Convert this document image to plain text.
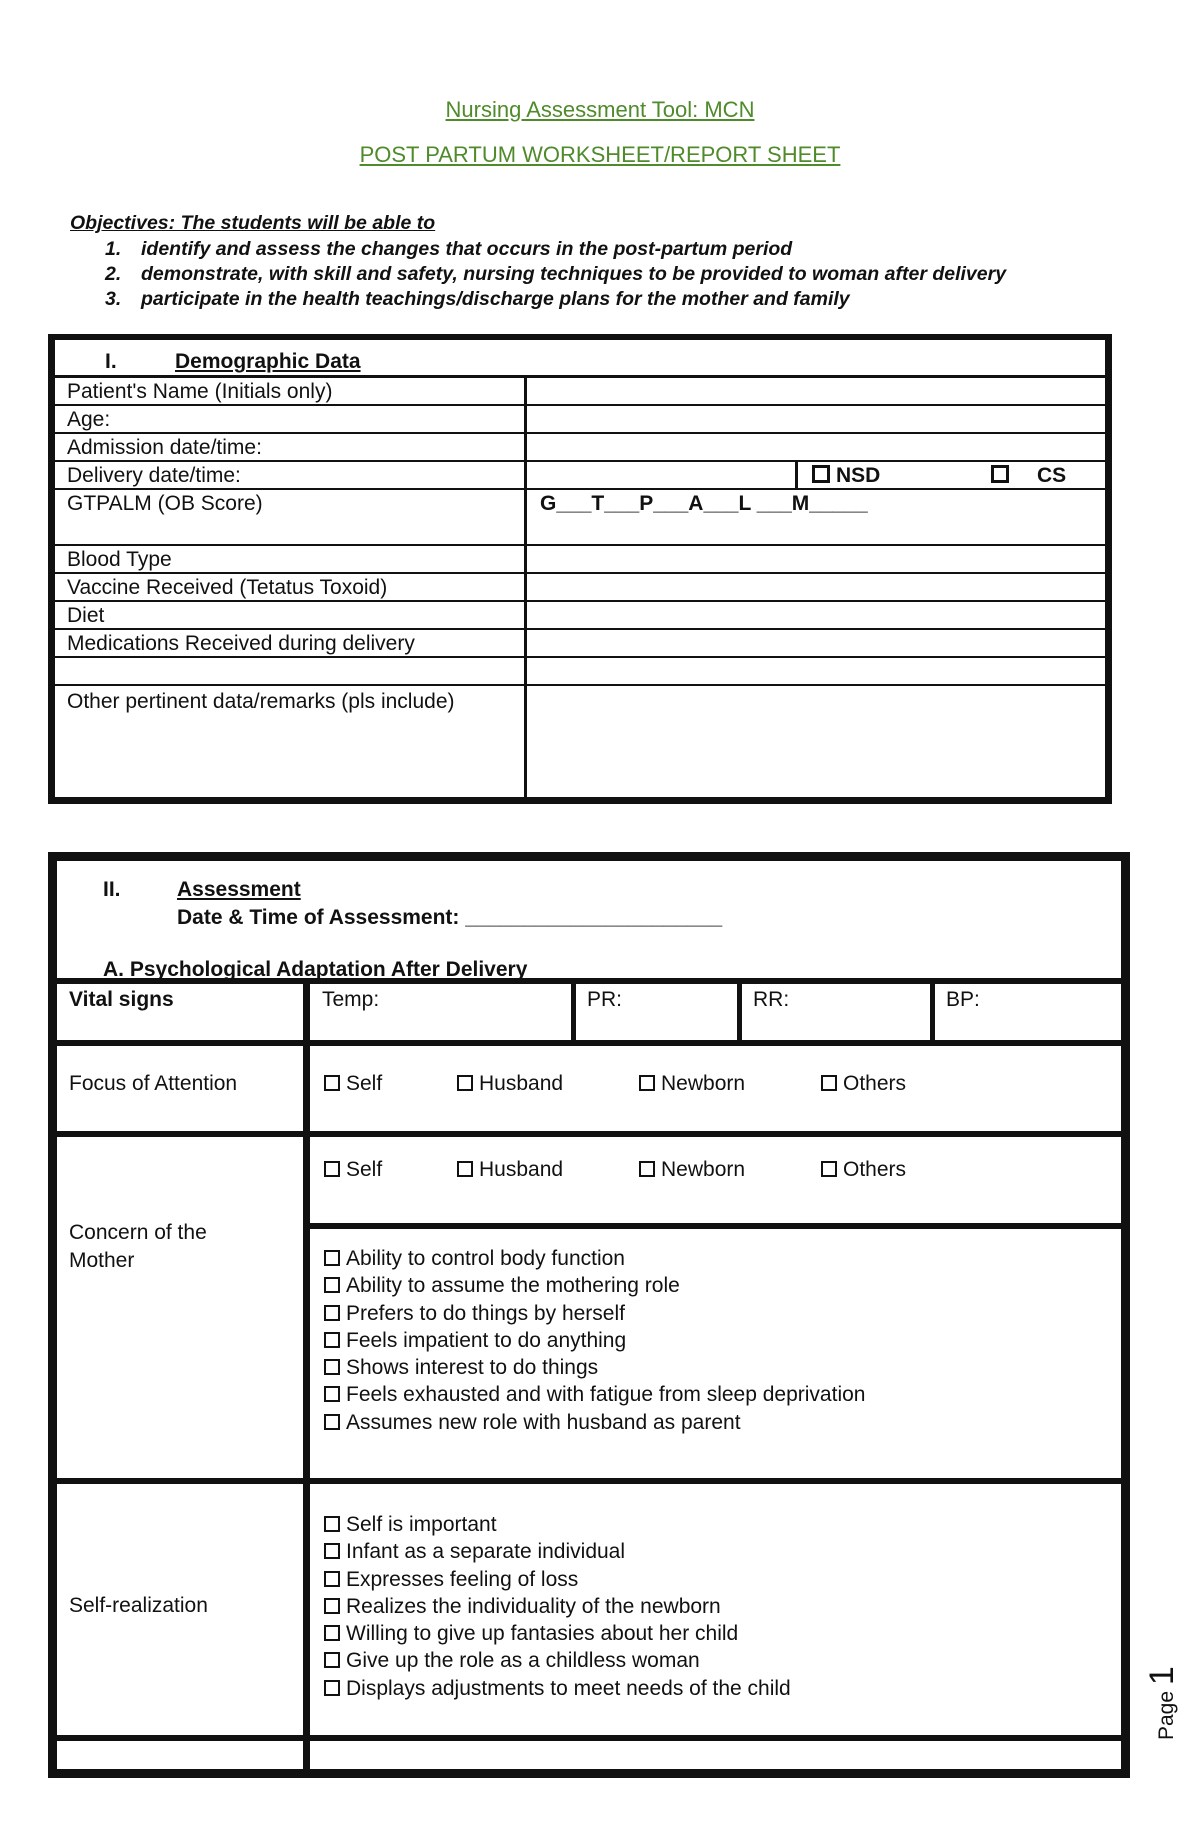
Nursing Assessment Tool: MCN
POST PARTUM WORKSHEET/REPORT SHEET
Objectives: The students will be able to
1. identify and assess the changes that occurs in the post-partum period
2. demonstrate, with skill and safety, nursing techniques to be provided to woman after delivery
3. participate in the health teachings/discharge plans for the mother and family
I.	Demographic Data
Patient's Name (Initials only)
Age:
Admission date/time:
Delivery date/time:	NSD	CS
GTPALM (OB Score)	G___T___P___A___L ___M_____
Blood Type
Vaccine Received (Tetatus Toxoid)
Diet
Medications Received during delivery
Other pertinent data/remarks (pls include)
II.	Assessment
Date & Time of Assessment: ______________________
A. Psychological Adaptation After Delivery
Vital signs	Temp:	PR:	RR:	BP:
Focus of Attention	Self	Husband	Newborn	Others
Concern of the
Mother
Self	Husband	Newborn	Others
Ability to control body function
Ability to assume the mothering role
Prefers to do things by herself
Feels impatient to do anything
Shows interest to do things
Feels exhausted and with fatigue from sleep deprivation
Assumes new role with husband as parent
Self-realization
Self is important
Infant as a separate individual
Expresses feeling of loss
Realizes the individuality of the newborn
Willing to give up fantasies about her child
Give up the role as a childless woman
Displays adjustments to meet needs of the child
Page 1
